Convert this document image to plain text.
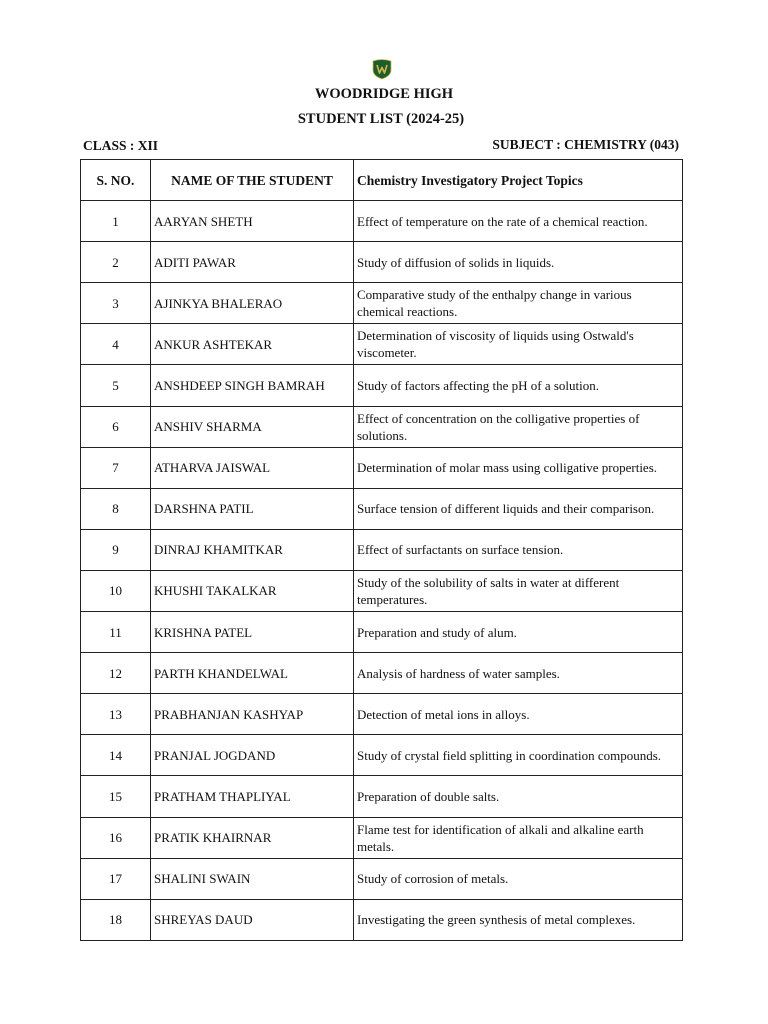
WOODRIDGE HIGH
STUDENT LIST (2024-25)
CLASS : XII	SUBJECT : CHEMISTRY (043)
S. NO.	NAME OF THE STUDENT	Chemistry Investigatory Project Topics
1	AARYAN SHETH	Effect of temperature on the rate of a chemical reaction.
2	ADITI PAWAR	Study of diffusion of solids in liquids.
3	AJINKYA BHALERAO	Comparative study of the enthalpy change in various chemical reactions.
4	ANKUR ASHTEKAR	Determination of viscosity of liquids using Ostwald's viscometer.
5	ANSHDEEP SINGH BAMRAH	Study of factors affecting the pH of a solution.
6	ANSHIV SHARMA	Effect of concentration on the colligative properties of solutions.
7	ATHARVA JAISWAL	Determination of molar mass using colligative properties.
8	DARSHNA PATIL	Surface tension of different liquids and their comparison.
9	DINRAJ KHAMITKAR	Effect of surfactants on surface tension.
10	KHUSHI TAKALKAR	Study of the solubility of salts in water at different temperatures.
11	KRISHNA PATEL	Preparation and study of alum.
12	PARTH KHANDELWAL	Analysis of hardness of water samples.
13	PRABHANJAN KASHYAP	Detection of metal ions in alloys.
14	PRANJAL JOGDAND	Study of crystal field splitting in coordination compounds.
15	PRATHAM THAPLIYAL	Preparation of double salts.
16	PRATIK KHAIRNAR	Flame test for identification of alkali and alkaline earth metals.
17	SHALINI SWAIN	Study of corrosion of metals.
18	SHREYAS DAUD	Investigating the green synthesis of metal complexes.
